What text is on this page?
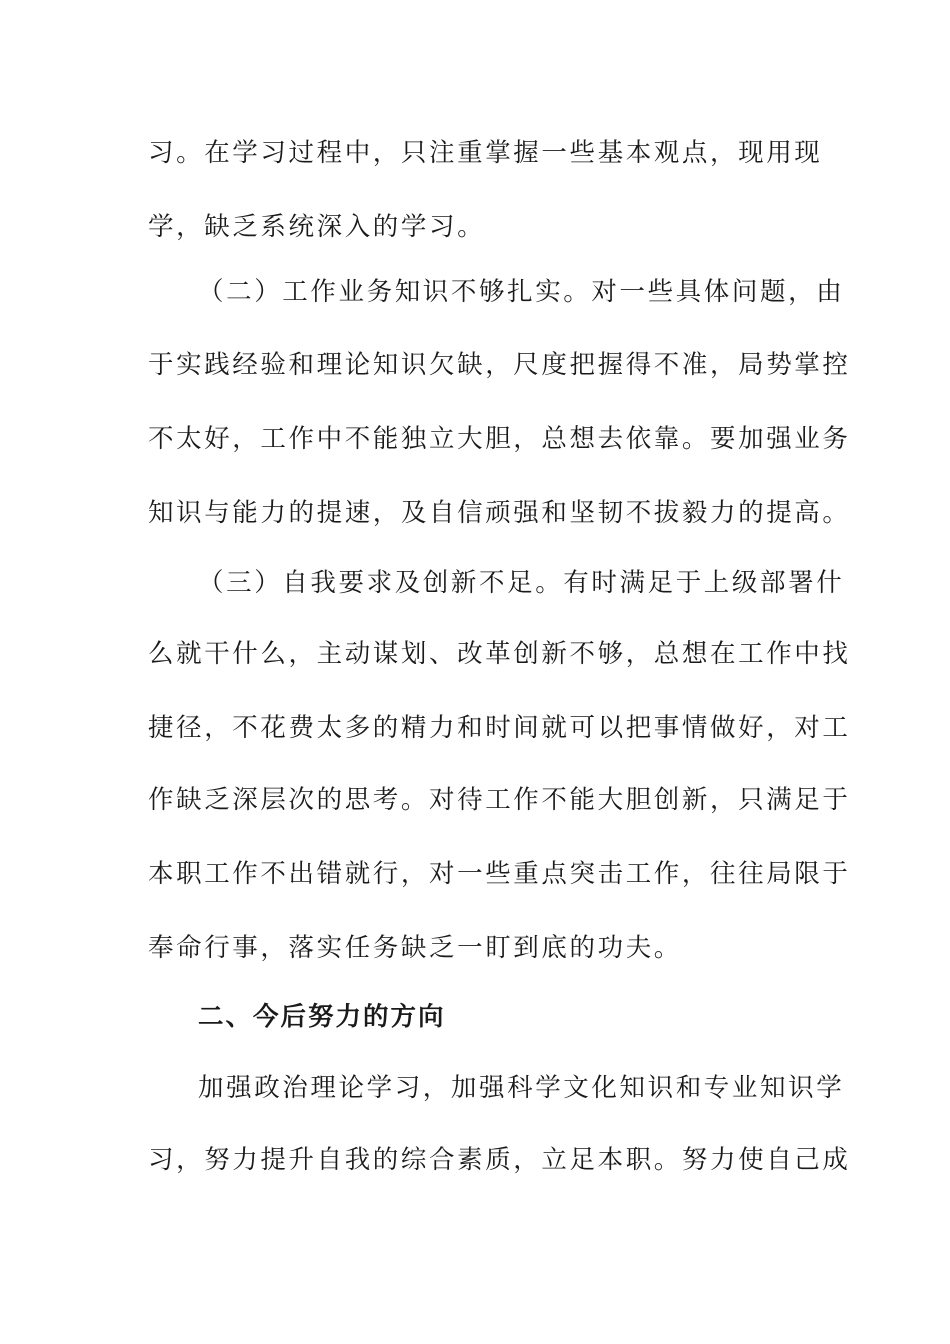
习。在学习过程中，只注重掌握一些基本观点，现用现
学，缺乏系统深入的学习。
（二）工作业务知识不够扎实。对一些具体问题，由
于实践经验和理论知识欠缺，尺度把握得不准，局势掌控
不太好，工作中不能独立大胆，总想去依靠。要加强业务
知识与能力的提速，及自信顽强和坚韧不拔毅力的提高。
（三）自我要求及创新不足。有时满足于上级部署什
么就干什么，主动谋划、改革创新不够，总想在工作中找
捷径，不花费太多的精力和时间就可以把事情做好，对工
作缺乏深层次的思考。对待工作不能大胆创新，只满足于
本职工作不出错就行，对一些重点突击工作，往往局限于
奉命行事，落实任务缺乏一盯到底的功夫。
二、今后努力的方向
加强政治理论学习，加强科学文化知识和专业知识学
习，努力提升自我的综合素质，立足本职。努力使自己成
